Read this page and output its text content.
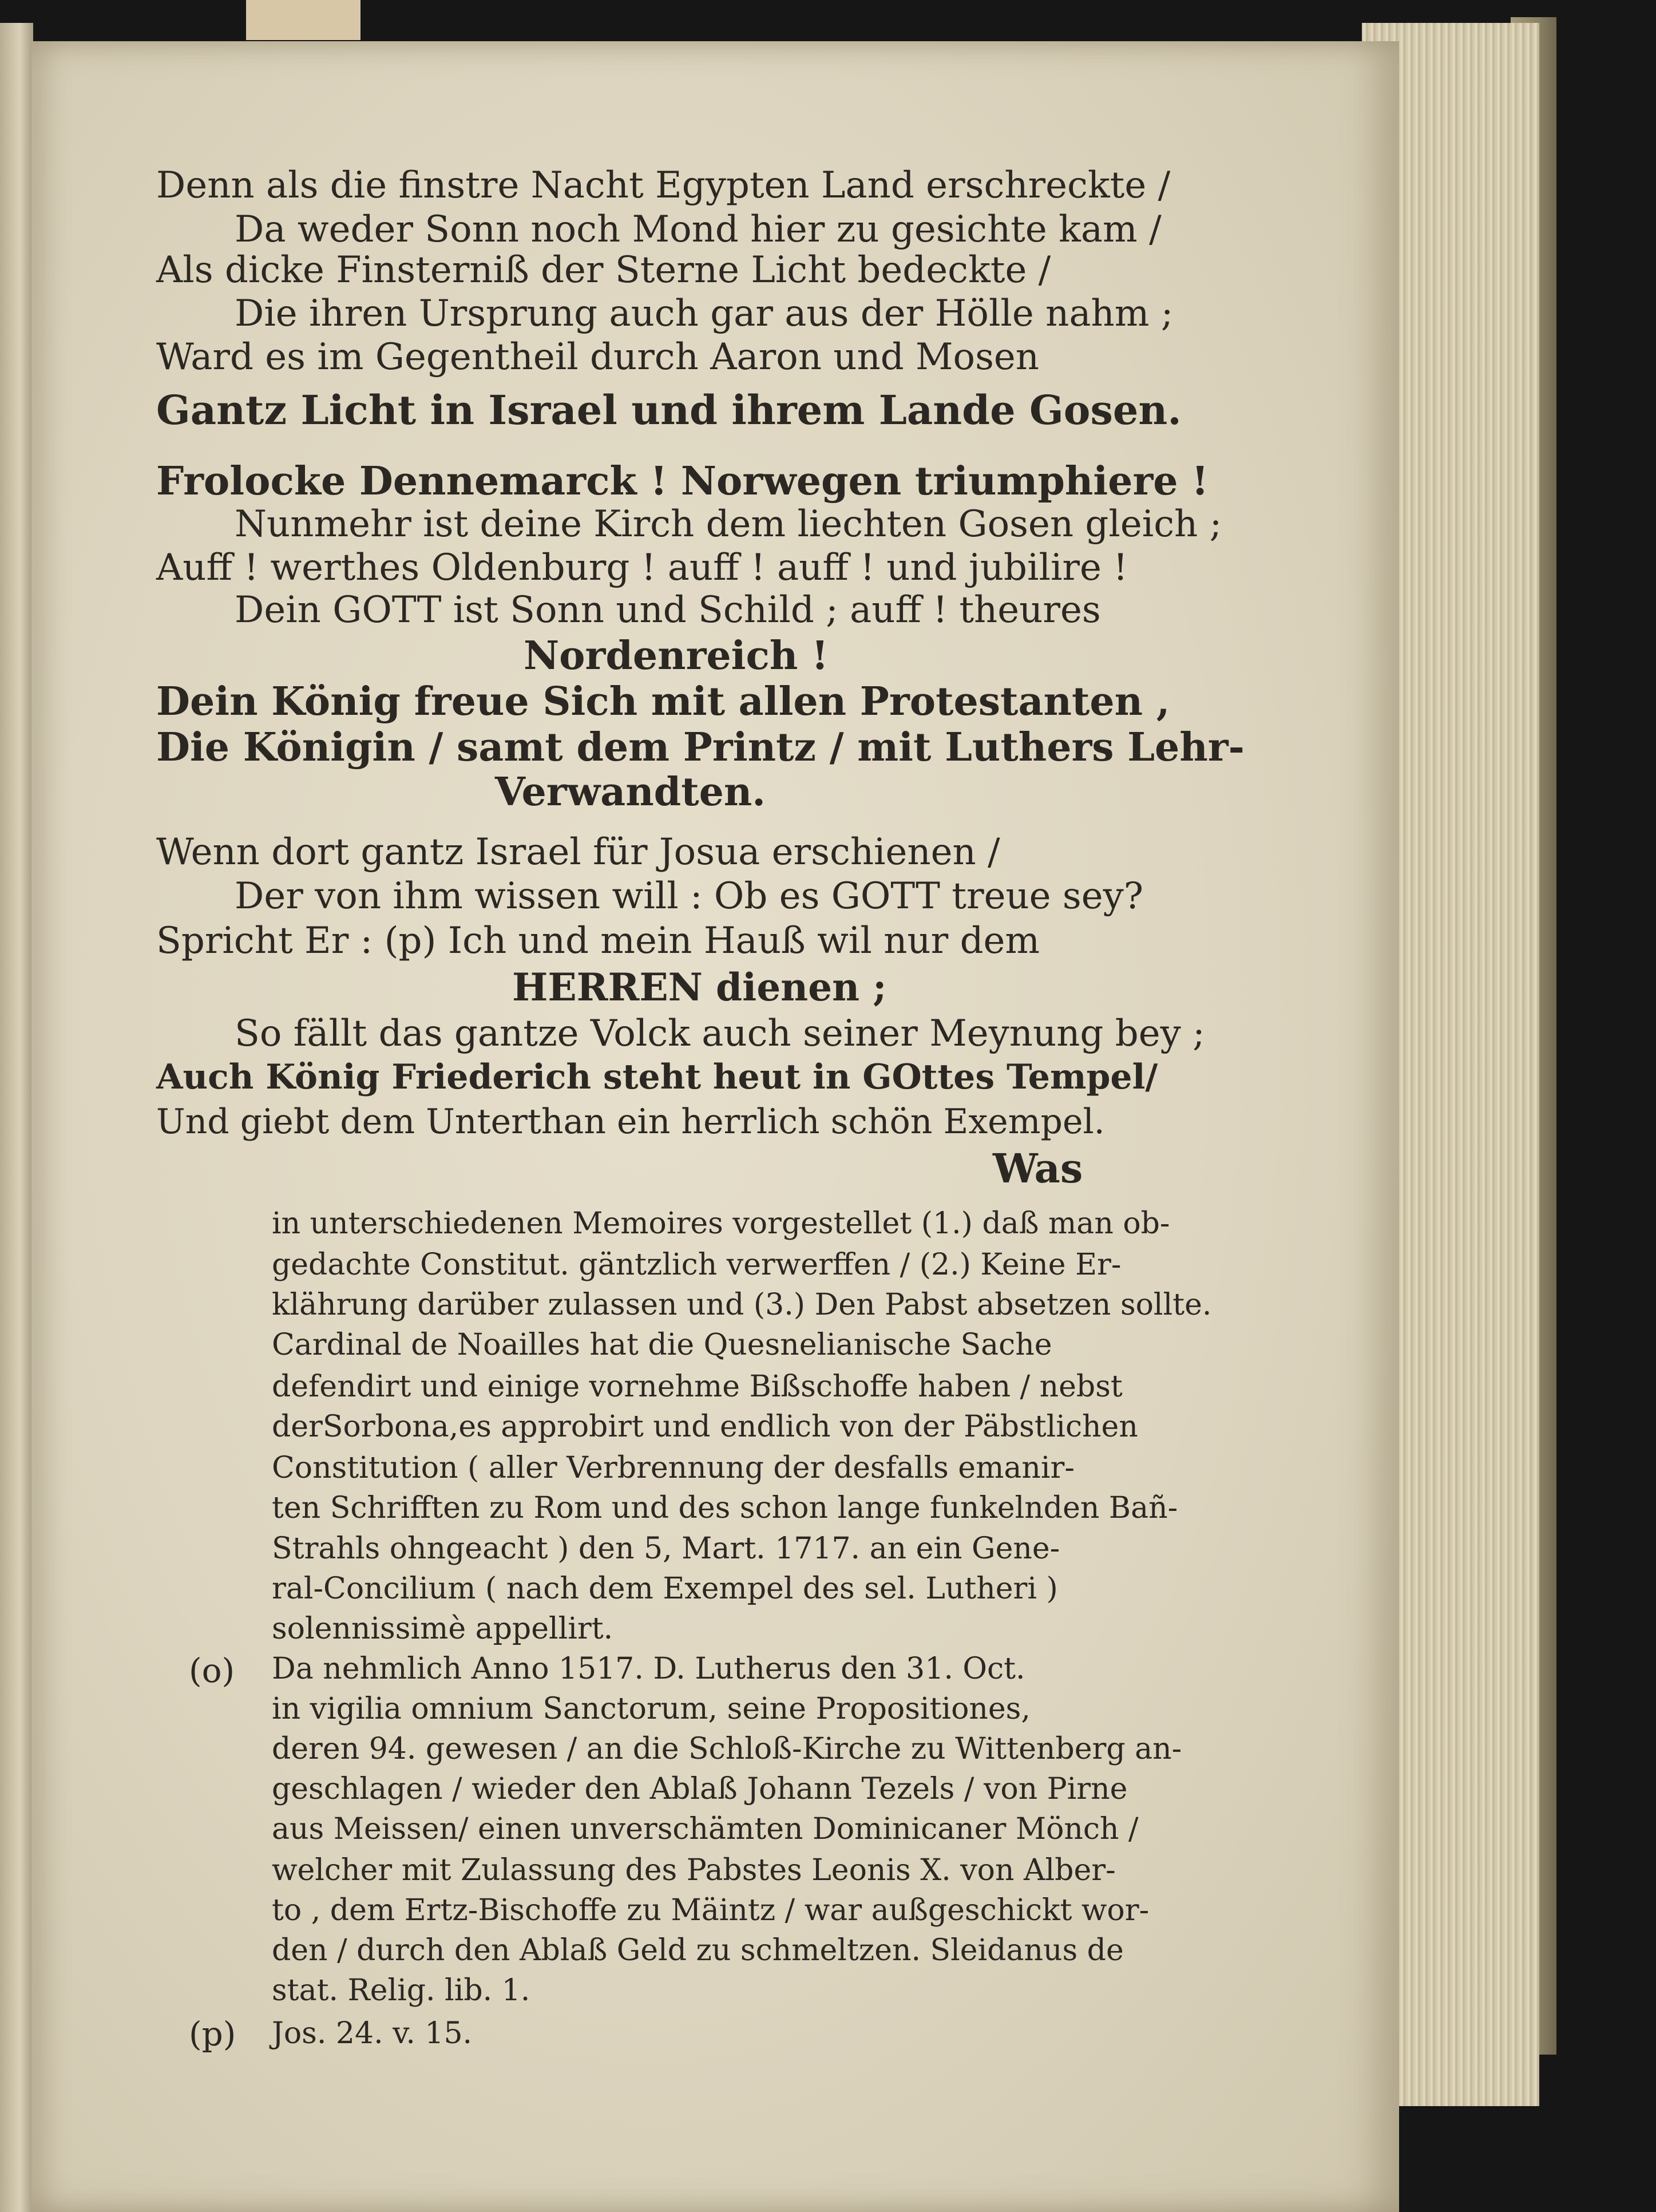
Denn als die finstre Nacht Egypten Land erschreckte /
Da weder Sonn noch Mond hier zu gesichte kam /
Als dicke Finsterniß der Sterne Licht bedeckte /
Die ihren Ursprung auch gar aus der Hölle nahm ;
Ward es im Gegentheil durch Aaron und Mosen
Gantz Licht in Israel und ihrem Lande Gosen.
Frolocke Dennemarck ! Norwegen triumphiere !
Nunmehr ist deine Kirch dem liechten Gosen gleich ;
Auff ! werthes Oldenburg ! auff ! auff ! und jubilire !
Dein GOTT ist Sonn und Schild ; auff ! theures
Nordenreich !
Dein König freue Sich mit allen Protestanten ,
Die Königin / samt dem Printz / mit Luthers Lehr-
Verwandten.
Wenn dort gantz Israel für Josua erschienen /
Der von ihm wissen will : Ob es GOTT treue sey?
Spricht Er : (p) Ich und mein Hauß wil nur dem
HERREN dienen ;
So fällt das gantze Volck auch seiner Meynung bey ;
Auch König Friederich steht heut in GOttes Tempel/
Und giebt dem Unterthan ein herrlich schön Exempel.
Was
in unterschiedenen Memoires vorgestellet (1.) daß man ob-
gedachte Constitut. gäntzlich verwerffen / (2.) Keine Er-
klährung darüber zulassen und (3.) Den Pabst absetzen sollte.
Cardinal de Noailles hat die Quesnelianische Sache
defendirt und einige vornehme Bißschoffe haben / nebst
derSorbona,es approbirt und endlich von der Päbstlichen
Constitution ( aller Verbrennung der desfalls emanir-
ten Schrifften zu Rom und des schon lange funkelnden Bañ-
Strahls ohngeacht ) den 5, Mart. 1717. an ein Gene-
ral-Concilium ( nach dem Exempel des sel. Lutheri )
solennissimè appellirt.
(o) Da nehmlich Anno 1517. D. Lutherus den 31. Oct.
in vigilia omnium Sanctorum, seine Propositiones,
deren 94. gewesen / an die Schloß-Kirche zu Wittenberg an-
geschlagen / wieder den Ablaß Johann Tezels / von Pirne
aus Meissen/ einen unverschämten Dominicaner Mönch /
welcher mit Zulassung des Pabstes Leonis X. von Alber-
to , dem Ertz-Bischoffe zu Mäintz / war außgeschickt wor-
den / durch den Ablaß Geld zu schmeltzen. Sleidanus de
stat. Relig. lib. 1.
(p) Jos. 24. v. 15.
